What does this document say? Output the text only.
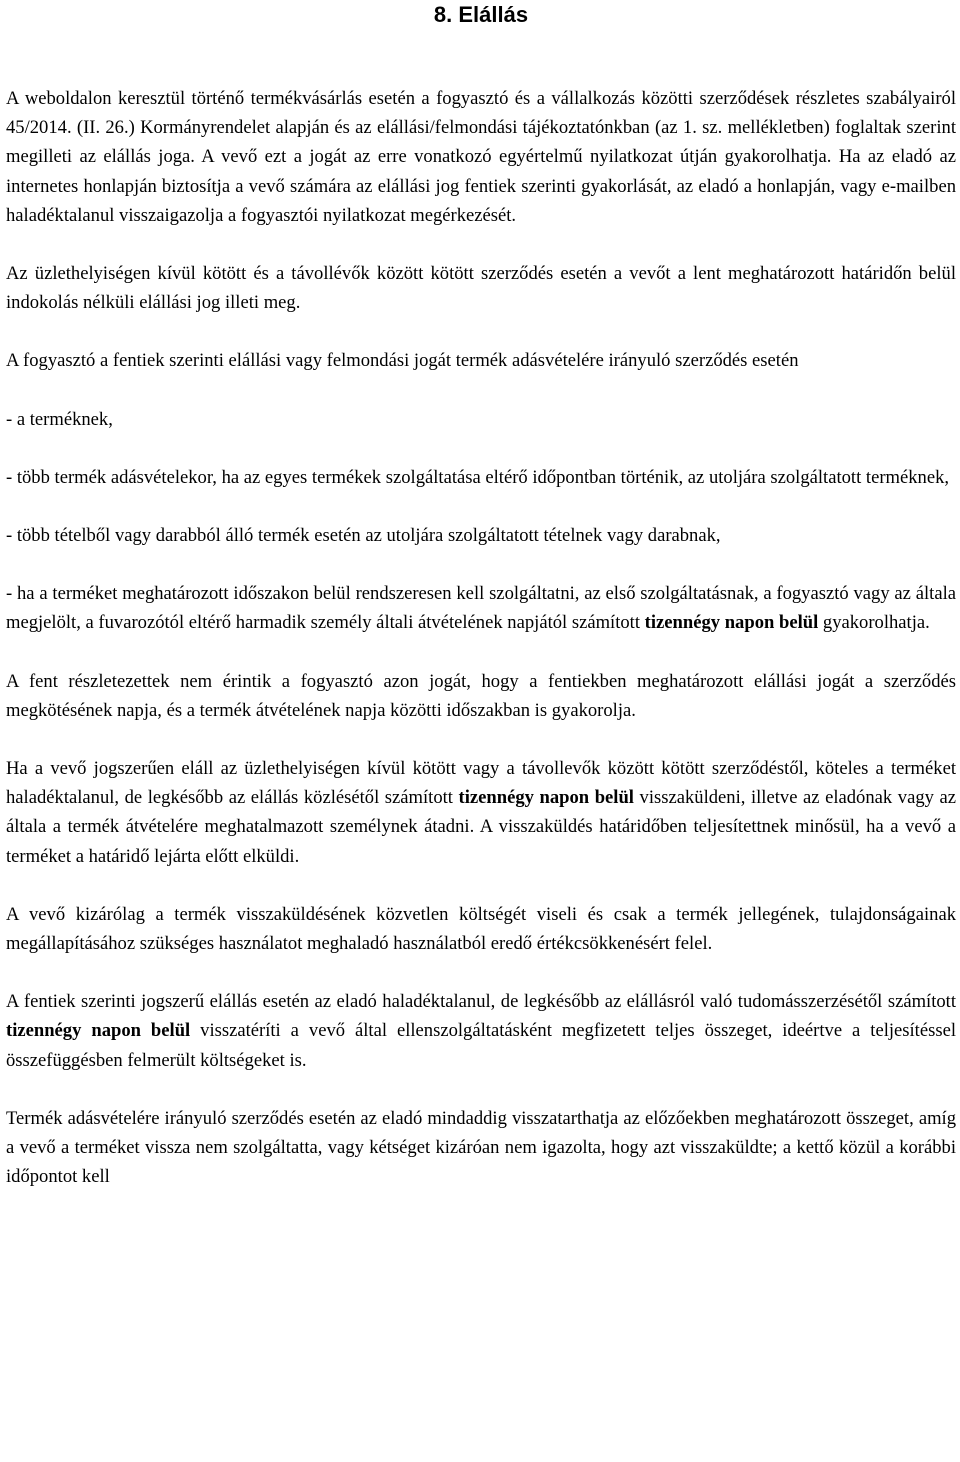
8. Elállás

A weboldalon keresztül történő termékvásárlás esetén a fogyasztó és a vállalkozás közötti szerződések részletes szabályairól 45/2014. (II. 26.) Kormányrendelet alapján és az elállási/felmondási tájékoztatónkban (az 1. sz. mellékletben) foglaltak szerint megilleti az elállás joga. A vevő ezt a jogát az erre vonatkozó egyértelmű nyilatkozat útján gyakorolhatja. Ha az eladó az internetes honlapján biztosítja a vevő számára az elállási jog fentiek szerinti gyakorlását, az eladó a honlapján, vagy e-mailben haladéktalanul visszaigazolja a fogyasztói nyilatkozat megérkezését.

Az üzlethelyiségen kívül kötött és a távollévők között kötött szerződés esetén a vevőt a lent meghatározott határidőn belül indokolás nélküli elállási jog illeti meg.

A fogyasztó a fentiek szerinti elállási vagy felmondási jogát termék adásvételére irányuló szerződés esetén

- a terméknek,

- több termék adásvételekor, ha az egyes termékek szolgáltatása eltérő időpontban történik, az utoljára szolgáltatott terméknek,

- több tételből vagy darabból álló termék esetén az utoljára szolgáltatott tételnek vagy darabnak,

- ha a terméket meghatározott időszakon belül rendszeresen kell szolgáltatni, az első szolgáltatásnak, a fogyasztó vagy az általa megjelölt, a fuvarozótól eltérő harmadik személy általi átvételének napjától számított tizennégy napon belül gyakorolhatja.

A fent részletezettek nem érintik a fogyasztó azon jogát, hogy a fentiekben meghatározott elállási jogát a szerződés megkötésének napja, és a termék átvételének napja közötti időszakban is gyakorolja.

Ha a vevő jogszerűen eláll az üzlethelyiségen kívül kötött vagy a távollevők között kötött szerződéstől, köteles a terméket haladéktalanul, de legkésőbb az elállás közlésétől számított tizennégy napon belül visszaküldeni, illetve az eladónak vagy az általa a termék átvételére meghatalmazott személynek átadni. A visszaküldés határidőben teljesítettnek minősül, ha a vevő a terméket a határidő lejárta előtt elküldi.

A vevő kizárólag a termék visszaküldésének közvetlen költségét viseli és csak a termék jellegének, tulajdonságainak megállapításához szükséges használatot meghaladó használatból eredő értékcsökkenésért felel.

A fentiek szerinti jogszerű elállás esetén az eladó haladéktalanul, de legkésőbb az elállásról való tudomásszerzésétől számított tizennégy napon belül visszatéríti a vevő által ellenszolgáltatásként megfizetett teljes összeget, ideértve a teljesítéssel összefüggésben felmerült költségeket is.

Termék adásvételére irányuló szerződés esetén az eladó mindaddig visszatarthatja az előzőekben meghatározott összeget, amíg a vevő a terméket vissza nem szolgáltatta, vagy kétséget kizáróan nem igazolta, hogy azt visszaküldte; a kettő közül a korábbi időpontot kell
